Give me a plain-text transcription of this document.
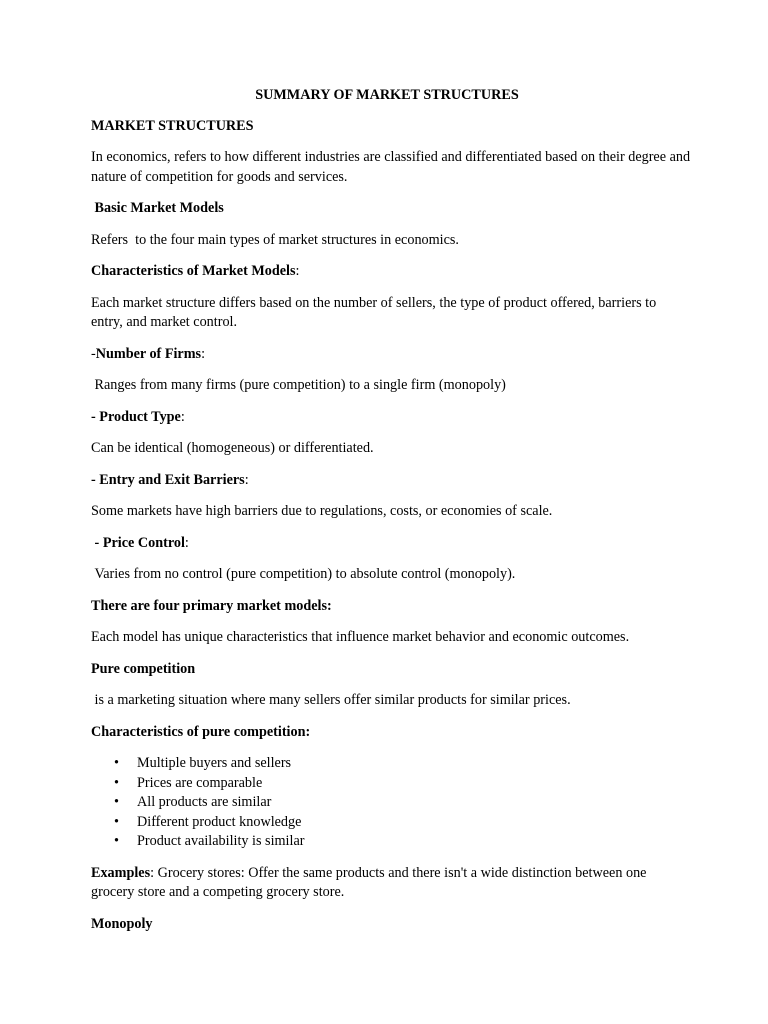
SUMMARY OF MARKET STRUCTURES

MARKET STRUCTURES

In economics, refers to how different industries are classified and differentiated based on their degree and nature of competition for goods and services.

Basic Market Models

Refers  to the four main types of market structures in economics.

Characteristics of Market Models:

Each market structure differs based on the number of sellers, the type of product offered, barriers to entry, and market control.

-Number of Firms:

Ranges from many firms (pure competition) to a single firm (monopoly)

- Product Type:

Can be identical (homogeneous) or differentiated.

- Entry and Exit Barriers:

Some markets have high barriers due to regulations, costs, or economies of scale.

- Price Control:

Varies from no control (pure competition) to absolute control (monopoly).

There are four primary market models:

Each model has unique characteristics that influence market behavior and economic outcomes.

Pure competition

is a marketing situation where many sellers offer similar products for similar prices.

Characteristics of pure competition:

• Multiple buyers and sellers
• Prices are comparable
• All products are similar
• Different product knowledge
• Product availability is similar

Examples: Grocery stores: Offer the same products and there isn't a wide distinction between one grocery store and a competing grocery store.

Monopoly
